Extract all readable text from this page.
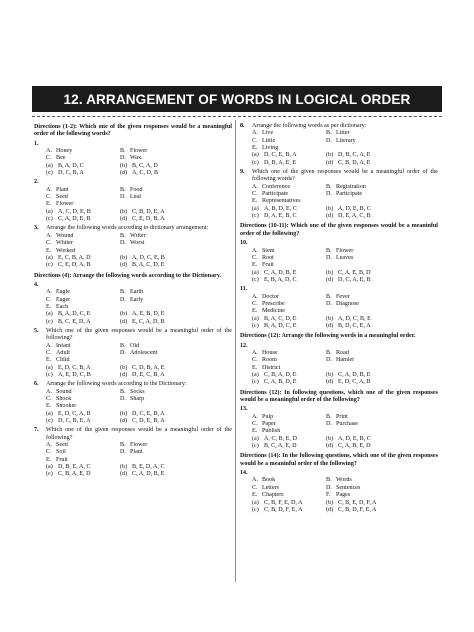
12. ARRANGEMENT OF WORDS IN LOGICAL ORDER
Directions (1-2): Which one of the given responses would be a meaningful order of the following words?
1.
A. Honey	B. Flower
C. Bee	D. Wax.
(a) B, A, D, C	(b) B, C, A, D
(c) D, C, B, A	(d) A, C, D, B
2.
A. Plant	B. Food
C. Seed	D. Leaf
E. Flower
(a) A, C, D, E, B	(b) C, B, D, E, A
(c) C, A, D, E, B	(d) C, E, D, B, A
3.	Arrange the following words according to dictionary arrangement:
A. Wound	B. Writer
C. Whiter	D. Worst
E. Worked
(a) E, C, B, A, D	(b) A, D, C, E, B
(c) C, E, D, A, B	(d) B, A, C, D, E
Directions (4): Arrange the following words according to the Dictionary.
4.
A. Eagle	B. Earth
C. Eager	D. Early
E. Each
(a) B, A, D, C, E	(b) A, E, B, D, E
(c) B, C, E, D, A	(d) E, C, A, D, B
5.	Which one of the given responses would be a meaningful order of the following?
A. Infant	B. Old
C. Adult	D. Adolescent
E. Child
(a) E, D, C, B, A	(b) C, D, B, A, E
(c) A, E, D, C, B	(d) D, E, C, B, A
6.	Arrange the following words according to the Dictionary:
A. Sound	B. Socks
C. Shock	D. Sharp
E. Snooker
(a) E, D, C, A, B	(b) D, C, E, B, A
(c) D, C, B, E, A	(d) C, D, E, B, A
7.	Which one of the given responses would be a meaningful order of the following?
A. Seed	B. Flower
C. Soil	D. Plant
E. Fruit
(a) D, B, E, A, C	(b) B, E, D, A, C
(c) C, B, A, E, D	(d) C, A, D, B, E
8.	Arrange the following words as per dictionary:
A. Live	B. Litter
C. Little	D. Literary
E. Living
(a) D, C, E, B, A	(b) D, B, C, A, E
(c) D, B, A, E, E	(d) C, B, D, A, E
9.	Which one of the given responses would be a meaningful order of the following words?
A. Conference	B. Registration
C. Participate	D. Participate
E. Representatives
(a) A, B, D, E, C	(b) A, D, E, B, C
(c) D, A, E, B, C	(d) D, E, A, C, B
Directions (10-11): Which one of the given responses would be a meaninful order of the following?
10.
A. Stem	B. Flower
C. Root	D. Leaves
E. Fruit
(a) C, A, D, B, E	(b) C, A, E, B, D
(c) E, B, A, D, C	(d) D, C, A, E, B
11.
A. Doctor	B. Fever
C. Prescribe	D. Diagnose
E. Medicine
(a) B, A, C, D, E	(b) A, D, C, B, E
(c) B, A, D, C, E	(d) B, D, C, E, A
Directions (12): Arrange the following words in a meaningful order.
12.
A. House	B. Road
C. Room	D. Hamlet
E. District
(a) C, B, A, D, E	(b) C, A, D, B, E
(c) C, A, B, D, E	(d) E, D, C, A, B
Directions (12): In following questions, which one of the given responses would be a meaningful order of the following?
13.
A. Pulp	B. Print
C. Paper	D. Purchase
E. Publish
(a) A, C, B, E, D	(b) A, D, E, B, C
(c) B, C, A, E, D	(d) C, A, B, E, D
Directions (14): In the following questions, which one of the given responses would be a meaninful order of the following?
14.
A. Book	B. Words
C. Letters	D. Sentences
E. Chapters	F. Pages
(a) C, B, F, E, D, A	(b) C, B, E, D, F, A
(c) C, B, D, F, E, A	(d) C, B, D, F, E, A
